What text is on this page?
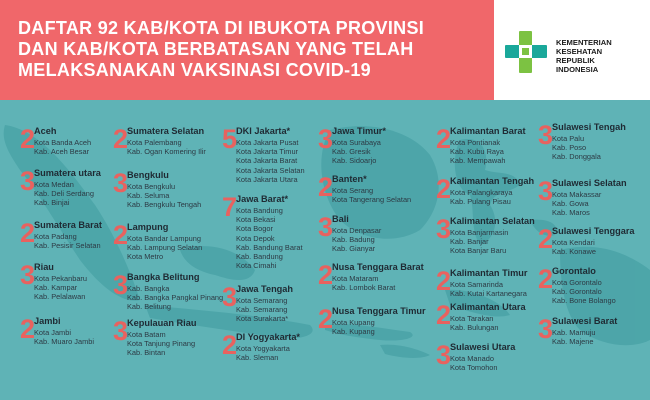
DAFTAR 92 KAB/KOTA DI IBUKOTA PROVINSI
DAN KAB/KOTA BERBATASAN YANG TELAH
MELAKSANAKAN VAKSINASI COVID-19
KEMENTERIAN
KESEHATAN
REPUBLIK
INDONESIA
2
Aceh
Kota Banda Aceh
Kab. Aceh Besar
3
Sumatera utara
Kota Medan
Kab. Deli Serdang
Kab. Binjai
2
Sumatera Barat
Kota Padang
Kab. Pesisir Selatan
3
Riau
Kota Pekanbaru
Kab. Kampar
Kab. Pelalawan
2
Jambi
Kota Jambi
Kab. Muaro Jambi
2
Sumatera Selatan
Kota Palembang
Kab. Ogan Komering Ilir
3
Bengkulu
Kota Bengkulu
Kab. Seluma
Kab. Bengkulu Tengah
2
Lampung
Kota Bandar Lampung
Kab. Lampung Selatan
Kota Metro
3
Bangka Belitung
Kab. Bangka
Kab. Bangka Pangkal Pinang
Kab. Belitung
3
Kepulauan Riau
Kota Batam
Kota Tanjung Pinang
Kab. Bintan
5
DKI Jakarta*
Kota Jakarta Pusat
Kota Jakarta Timur
Kota Jakarta Barat
Kota Jakarta Selatan
Kota Jakarta Utara
7
Jawa Barat*
Kota Bandung
Kota Bekasi
Kota Bogor
Kota Depok
Kab. Bandung Barat
Kab. Bandung
Kota Cimahi
3
Jawa Tengah
Kota Semarang
Kab. Semarang
Kota Surakarta*
2
DI Yogyakarta*
Kota Yogyakarta
Kab. Sleman
3
Jawa Timur*
Kota Surabaya
Kab. Gresik
Kab. Sidoarjo
2
Banten*
Kota Serang
Kota Tangerang Selatan
3
Bali
Kota Denpasar
Kab. Badung
Kab. Gianyar
2
Nusa Tenggara Barat
Kota Mataram
Kab. Lombok Barat
2
Nusa Tenggara Timur
Kota Kupang
Kab. Kupang
2
Kalimantan Barat
Kota Pontianak
Kab. Kubu Raya
Kab. Mempawah
2
Kalimantan Tengah
Kota Palangkaraya
Kab. Pulang Pisau
3
Kalimantan Selatan
Kota Banjarmasin
Kab. Banjar
Kota Banjar Baru
2
Kalimantan Timur
Kota Samarinda
Kab. Kutai Kartanegara
2
Kalimantan Utara
Kota Tarakan
Kab. Bulungan
3
Sulawesi Utara
Kota Manado
Kota Tomohon
3
Sulawesi Tengah
Kota Palu
Kab. Poso
Kab. Donggala
3
Sulawesi Selatan
Kota Makassar
Kab. Gowa
Kab. Maros
2
Sulawesi Tenggara
Kota Kendari
Kab. Konawe
2
Gorontalo
Kota Gorontalo
Kab. Gorontalo
Kab. Bone Bolango
3
Sulawesi Barat
Kab. Mamuju
Kab. Majene
